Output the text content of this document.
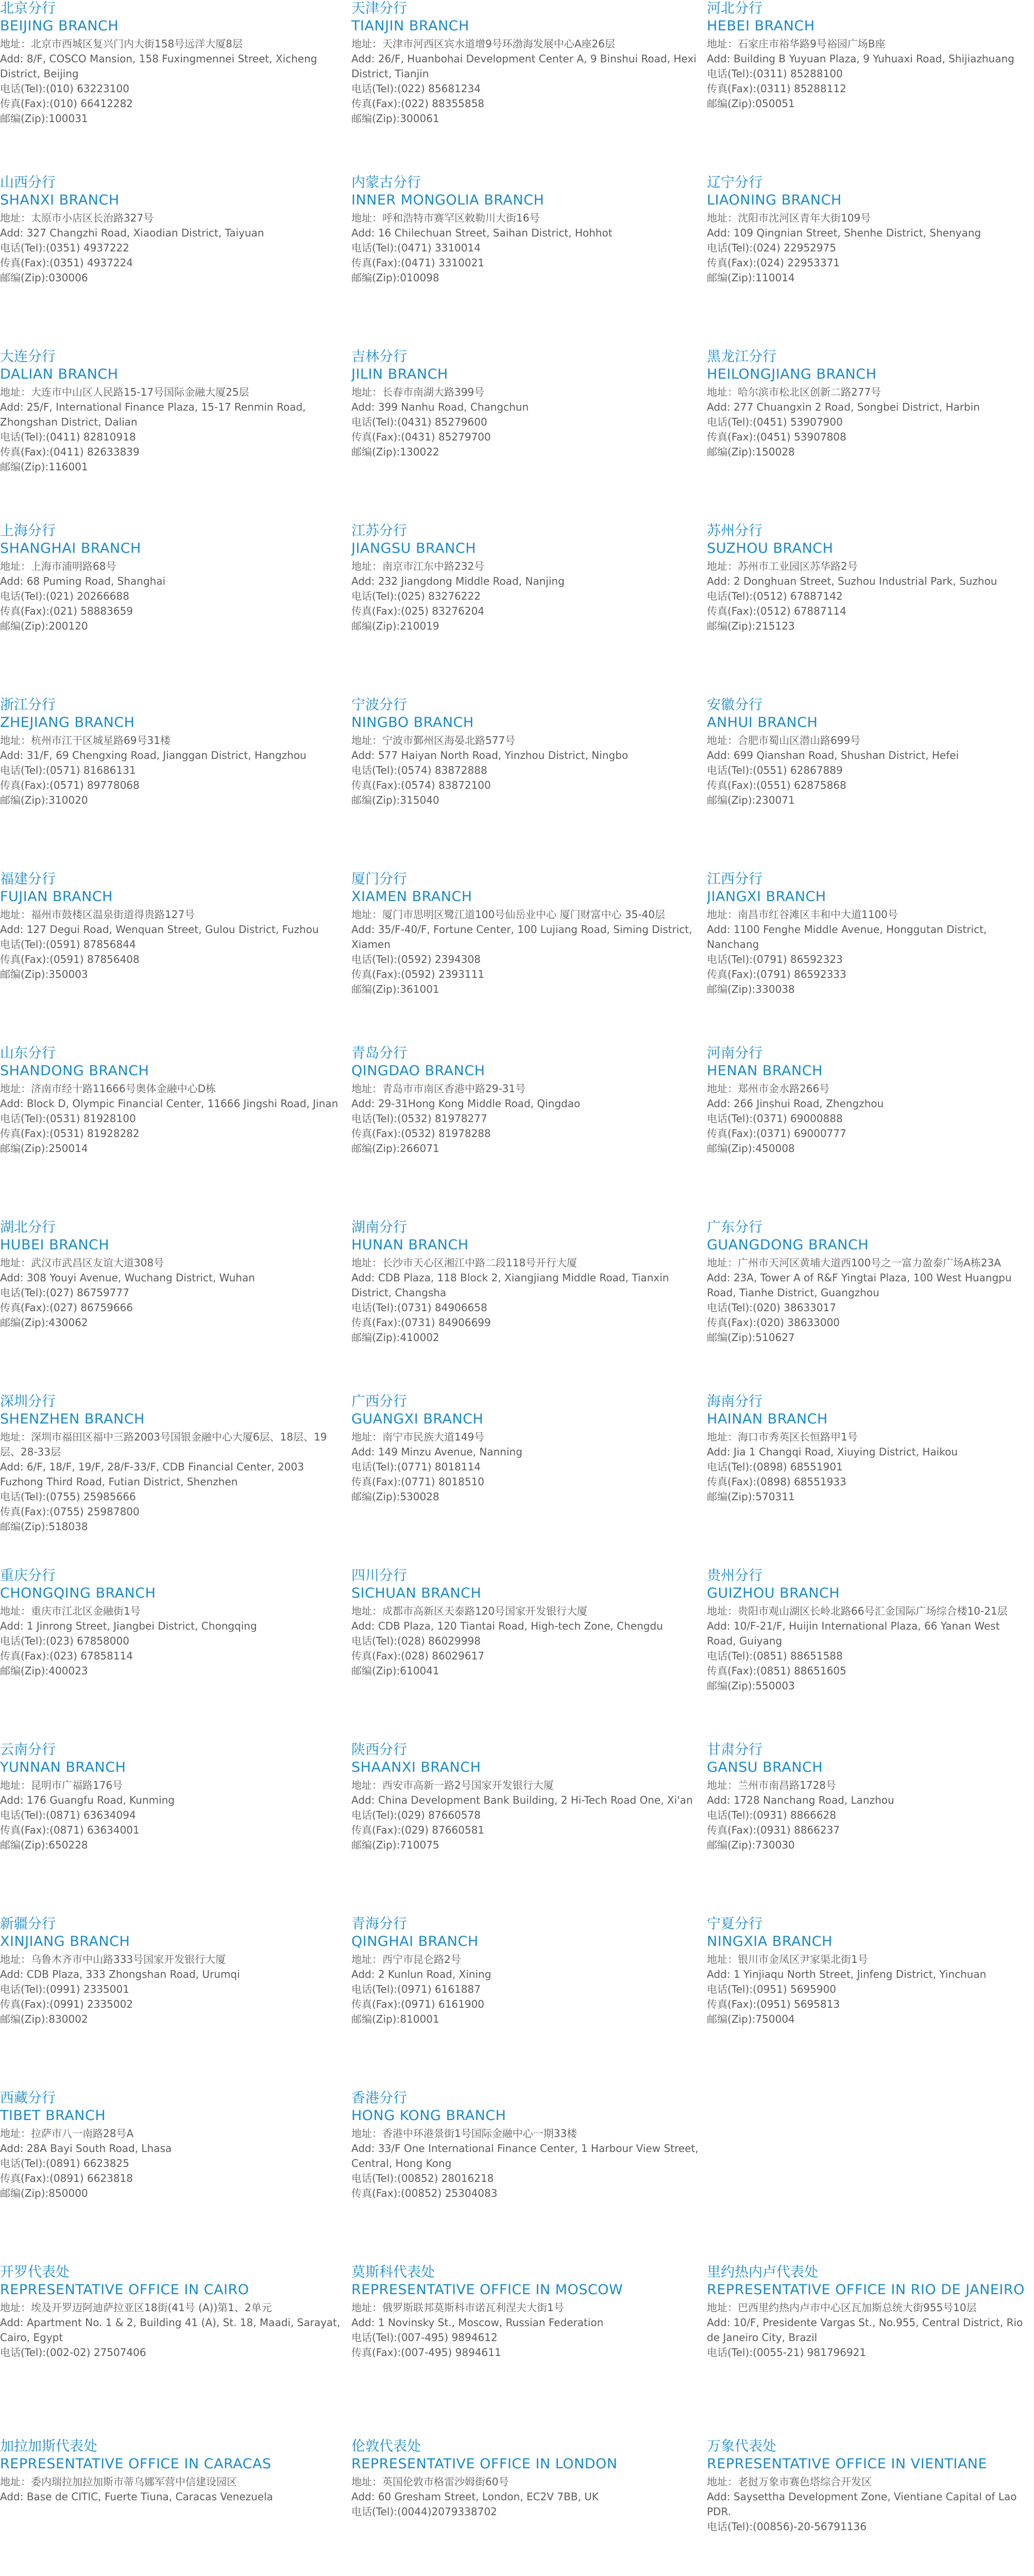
北京分行
BEIJING BRANCH
地址：北京市西城区复兴门内大街158号远洋大厦8层
Add: 8/F, COSCO Mansion, 158 Fuxingmennei Street, Xicheng District, Beijing
电话(Tel):(010) 63223100
传真(Fax):(010) 66412282
邮编(Zip):100031
天津分行
TIANJIN BRANCH
地址：天津市河西区宾水道增9号环渤海发展中心A座26层
Add: 26/F, Huanbohai Development Center A, 9 Binshui Road, Hexi District, Tianjin
电话(Tel):(022) 85681234
传真(Fax):(022) 88355858
邮编(Zip):300061
河北分行
HEBEI BRANCH
地址：石家庄市裕华路9号裕园广场B座
Add: Building B Yuyuan Plaza, 9 Yuhuaxi Road, Shijiazhuang
电话(Tel):(0311) 85288100
传真(Fax):(0311) 85288112
邮编(Zip):050051
山西分行
SHANXI BRANCH
地址：太原市小店区长治路327号
Add: 327 Changzhi Road, Xiaodian District, Taiyuan
电话(Tel):(0351) 4937222
传真(Fax):(0351) 4937224
邮编(Zip):030006
内蒙古分行
INNER MONGOLIA BRANCH
地址：呼和浩特市赛罕区敕勒川大街16号
Add: 16 Chilechuan Street, Saihan District, Hohhot
电话(Tel):(0471) 3310014
传真(Fax):(0471) 3310021
邮编(Zip):010098
辽宁分行
LIAONING BRANCH
地址：沈阳市沈河区青年大街109号
Add: 109 Qingnian Street, Shenhe District, Shenyang
电话(Tel):(024) 22952975
传真(Fax):(024) 22953371
邮编(Zip):110014
大连分行
DALIAN BRANCH
地址：大连市中山区人民路15-17号国际金融大厦25层
Add: 25/F, International Finance Plaza, 15-17 Renmin Road, Zhongshan District, Dalian
电话(Tel):(0411) 82810918
传真(Fax):(0411) 82633839
邮编(Zip):116001
吉林分行
JILIN BRANCH
地址：长春市南湖大路399号
Add: 399 Nanhu Road, Changchun
电话(Tel):(0431) 85279600
传真(Fax):(0431) 85279700
邮编(Zip):130022
黑龙江分行
HEILONGJIANG BRANCH
地址：哈尔滨市松北区创新二路277号
Add: 277 Chuangxin 2 Road, Songbei District, Harbin
电话(Tel):(0451) 53907900
传真(Fax):(0451) 53907808
邮编(Zip):150028
上海分行
SHANGHAI BRANCH
地址：上海市浦明路68号
Add: 68 Puming Road, Shanghai
电话(Tel):(021) 20266688
传真(Fax):(021) 58883659
邮编(Zip):200120
江苏分行
JIANGSU BRANCH
地址：南京市江东中路232号
Add: 232 Jiangdong Middle Road, Nanjing
电话(Tel):(025) 83276222
传真(Fax):(025) 83276204
邮编(Zip):210019
苏州分行
SUZHOU BRANCH
地址：苏州市工业园区苏华路2号
Add: 2 Donghuan Street, Suzhou Industrial Park, Suzhou
电话(Tel):(0512) 67887142
传真(Fax):(0512) 67887114
邮编(Zip):215123
浙江分行
ZHEJIANG BRANCH
地址：杭州市江干区城星路69号31楼
Add: 31/F, 69 Chengxing Road, Jianggan District, Hangzhou
电话(Tel):(0571) 81686131
传真(Fax):(0571) 89778068
邮编(Zip):310020
宁波分行
NINGBO BRANCH
地址：宁波市鄞州区海晏北路577号
Add: 577 Haiyan North Road, Yinzhou District, Ningbo
电话(Tel):(0574) 83872888
传真(Fax):(0574) 83872100
邮编(Zip):315040
安徽分行
ANHUI BRANCH
地址：合肥市蜀山区潜山路699号
Add: 699 Qianshan Road, Shushan District, Hefei
电话(Tel):(0551) 62867889
传真(Fax):(0551) 62875868
邮编(Zip):230071
福建分行
FUJIAN BRANCH
地址：福州市鼓楼区温泉街道得贵路127号
Add: 127 Degui Road, Wenquan Street, Gulou District, Fuzhou
电话(Tel):(0591) 87856844
传真(Fax):(0591) 87856408
邮编(Zip):350003
厦门分行
XIAMEN BRANCH
地址：厦门市思明区鹭江道100号仙岳业中心 厦门财富中心 35-40层
Add: 35/F-40/F, Fortune Center, 100 Lujiang Road, Siming District, Xiamen
电话(Tel):(0592) 2394308
传真(Fax):(0592) 2393111
邮编(Zip):361001
江西分行
JIANGXI BRANCH
地址：南昌市红谷滩区丰和中大道1100号
Add: 1100 Fenghe Middle Avenue, Honggutan District, Nanchang
电话(Tel):(0791) 86592323
传真(Fax):(0791) 86592333
邮编(Zip):330038
山东分行
SHANDONG BRANCH
地址：济南市经十路11666号奥体金融中心D栋
Add: Block D, Olympic Financial Center, 11666 Jingshi Road, Jinan
电话(Tel):(0531) 81928100
传真(Fax):(0531) 81928282
邮编(Zip):250014
青岛分行
QINGDAO BRANCH
地址：青岛市市南区香港中路29-31号
Add: 29-31Hong Kong Middle Road, Qingdao
电话(Tel):(0532) 81978277
传真(Fax):(0532) 81978288
邮编(Zip):266071
河南分行
HENAN BRANCH
地址：郑州市金水路266号
Add: 266 Jinshui Road, Zhengzhou
电话(Tel):(0371) 69000888
传真(Fax):(0371) 69000777
邮编(Zip):450008
湖北分行
HUBEI BRANCH
地址：武汉市武昌区友谊大道308号
Add: 308 Youyi Avenue, Wuchang District, Wuhan
电话(Tel):(027) 86759777
传真(Fax):(027) 86759666
邮编(Zip):430062
湖南分行
HUNAN BRANCH
地址：长沙市天心区湘江中路二段118号开行大厦
Add: CDB Plaza, 118 Block 2, Xiangjiang Middle Road, Tianxin District, Changsha
电话(Tel):(0731) 84906658
传真(Fax):(0731) 84906699
邮编(Zip):410002
广东分行
GUANGDONG BRANCH
地址：广州市天河区黄埔大道西100号之一富力盈泰广场A栋23A
Add: 23A, Tower A of R&F Yingtai Plaza, 100 West Huangpu Road, Tianhe District, Guangzhou
电话(Tel):(020) 38633017
传真(Fax):(020) 38633000
邮编(Zip):510627
深圳分行
SHENZHEN BRANCH
地址：深圳市福田区福中三路2003号国银金融中心大厦6层、18层、19层、28-33层
Add: 6/F, 18/F, 19/F, 28/F-33/F, CDB Financial Center, 2003 Fuzhong Third Road, Futian District, Shenzhen
电话(Tel):(0755) 25985666
传真(Fax):(0755) 25987800
邮编(Zip):518038
广西分行
GUANGXI BRANCH
地址：南宁市民族大道149号
Add: 149 Minzu Avenue, Nanning
电话(Tel):(0771) 8018114
传真(Fax):(0771) 8018510
邮编(Zip):530028
海南分行
HAINAN BRANCH
地址：海口市秀英区长恒路甲1号
Add: Jia 1 Changqi Road, Xiuying District, Haikou
电话(Tel):(0898) 68551901
传真(Fax):(0898) 68551933
邮编(Zip):570311
重庆分行
CHONGQING BRANCH
地址：重庆市江北区金融街1号
Add: 1 Jinrong Street, Jiangbei District, Chongqing
电话(Tel):(023) 67858000
传真(Fax):(023) 67858114
邮编(Zip):400023
四川分行
SICHUAN BRANCH
地址：成都市高新区天泰路120号国家开发银行大厦
Add: CDB Plaza, 120 Tiantai Road, High-tech Zone, Chengdu
电话(Tel):(028) 86029998
传真(Fax):(028) 86029617
邮编(Zip):610041
贵州分行
GUIZHOU BRANCH
地址：贵阳市观山湖区长岭北路66号汇金国际广场综合楼10-21层
Add: 10/F-21/F, Huijin International Plaza, 66 Yanan West Road, Guiyang
电话(Tel):(0851) 88651588
传真(Fax):(0851) 88651605
邮编(Zip):550003
云南分行
YUNNAN BRANCH
地址：昆明市广福路176号
Add: 176 Guangfu Road, Kunming
电话(Tel):(0871) 63634094
传真(Fax):(0871) 63634001
邮编(Zip):650228
陕西分行
SHAANXI BRANCH
地址：西安市高新一路2号国家开发银行大厦
Add: China Development Bank Building, 2 Hi-Tech Road One, Xi'an
电话(Tel):(029) 87660578
传真(Fax):(029) 87660581
邮编(Zip):710075
甘肃分行
GANSU BRANCH
地址：兰州市南昌路1728号
Add: 1728 Nanchang Road, Lanzhou
电话(Tel):(0931) 8866628
传真(Fax):(0931) 8866237
邮编(Zip):730030
新疆分行
XINJIANG BRANCH
地址：乌鲁木齐市中山路333号国家开发银行大厦
Add: CDB Plaza, 333 Zhongshan Road, Urumqi
电话(Tel):(0991) 2335001
传真(Fax):(0991) 2335002
邮编(Zip):830002
青海分行
QINGHAI BRANCH
地址：西宁市昆仑路2号
Add: 2 Kunlun Road, Xining
电话(Tel):(0971) 6161887
传真(Fax):(0971) 6161900
邮编(Zip):810001
宁夏分行
NINGXIA BRANCH
地址：银川市金凤区尹家渠北街1号
Add: 1 Yinjiaqu North Street, Jinfeng District, Yinchuan
电话(Tel):(0951) 5695900
传真(Fax):(0951) 5695813
邮编(Zip):750004
西藏分行
TIBET BRANCH
地址：拉萨市八一南路28号A
Add: 28A Bayi South Road, Lhasa
电话(Tel):(0891) 6623825
传真(Fax):(0891) 6623818
邮编(Zip):850000
香港分行
HONG KONG BRANCH
地址：香港中环港景街1号国际金融中心一期33楼
Add: 33/F One International Finance Center, 1 Harbour View Street, Central, Hong Kong
电话(Tel):(00852) 28016218
传真(Fax):(00852) 25304083
开罗代表处
REPRESENTATIVE OFFICE IN CAIRO
地址：埃及开罗迈阿迪萨拉亚区18街(41号 (A))第1、2单元
Add: Apartment No. 1 & 2, Building 41 (A), St. 18, Maadi, Sarayat, Cairo, Egypt
电话(Tel):(002-02) 27507406
莫斯科代表处
REPRESENTATIVE OFFICE IN MOSCOW
地址：俄罗斯联邦莫斯科市诺瓦利涅夫大街1号
Add: 1 Novinsky St., Moscow, Russian Federation
电话(Tel):(007-495) 9894612
传真(Fax):(007-495) 9894611
里约热内卢代表处
REPRESENTATIVE OFFICE IN RIO DE JANEIRO
地址：巴西里约热内卢市中心区瓦加斯总统大街955号10层
Add: 10/F, Presidente Vargas St., No.955, Central District, Rio de Janeiro City, Brazil
电话(Tel):(0055-21) 981796921
加拉加斯代表处
REPRESENTATIVE OFFICE IN CARACAS
地址：委内瑞拉加拉加斯市蒂乌娜军营中信建设园区
Add: Base de CITIC, Fuerte Tiuna, Caracas Venezuela
伦敦代表处
REPRESENTATIVE OFFICE IN LONDON
地址：英国伦敦市格雷沙姆街60号
Add: 60 Gresham Street, London, EC2V 7BB, UK
电话(Tel):(0044)2079338702
万象代表处
REPRESENTATIVE OFFICE IN VIENTIANE
地址：老挝万象市赛色塔综合开发区
Add: Saysettha Development Zone, Vientiane Capital of Lao PDR.
电话(Tel):(00856)-20-56791136
